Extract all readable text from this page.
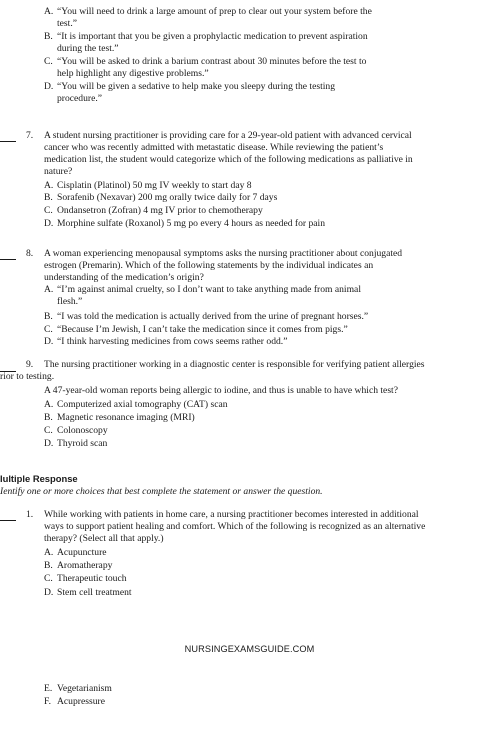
A. “You will need to drink a large amount of prep to clear out your system before the
test.”
B. “It is important that you be given a prophylactic medication to prevent aspiration
during the test.”
C. “You will be asked to drink a barium contrast about 30 minutes before the test to
help highlight any digestive problems.”
D. “You will be given a sedative to help make you sleepy during the testing
procedure.”
7. A student nursing practitioner is providing care for a 29-year-old patient with advanced cervical
cancer who was recently admitted with metastatic disease. While reviewing the patient’s
medication list, the student would categorize which of the following medications as palliative in
nature?
A. Cisplatin (Platinol) 50 mg IV weekly to start day 8
B. Sorafenib (Nexavar) 200 mg orally twice daily for 7 days
C. Ondansetron (Zofran) 4 mg IV prior to chemotherapy
D. Morphine sulfate (Roxanol) 5 mg po every 4 hours as needed for pain
8. A woman experiencing menopausal symptoms asks the nursing practitioner about conjugated
estrogen (Premarin). Which of the following statements by the individual indicates an
understanding of the medication’s origin?
A. “I’m against animal cruelty, so I don’t want to take anything made from animal
flesh.”
B. “I was told the medication is actually derived from the urine of pregnant horses.”
C. “Because I’m Jewish, I can’t take the medication since it comes from pigs.”
D. “I think harvesting medicines from cows seems rather odd.”
9. The nursing practitioner working in a diagnostic center is responsible for verifying patient allergies
rior to testing.
A 47-year-old woman reports being allergic to iodine, and thus is unable to have which test?
A. Computerized axial tomography (CAT) scan
B. Magnetic resonance imaging (MRI)
C. Colonoscopy
D. Thyroid scan
Iultiple Response
Ientify one or more choices that best complete the statement or answer the question.
1. While working with patients in home care, a nursing practitioner becomes interested in additional
ways to support patient healing and comfort. Which of the following is recognized as an alternative
therapy? (Select all that apply.)
A. Acupuncture
B. Aromatherapy
C. Therapeutic touch
D. Stem cell treatment
NURSINGEXAMSGUIDE.COM
E. Vegetarianism
F. Acupressure
